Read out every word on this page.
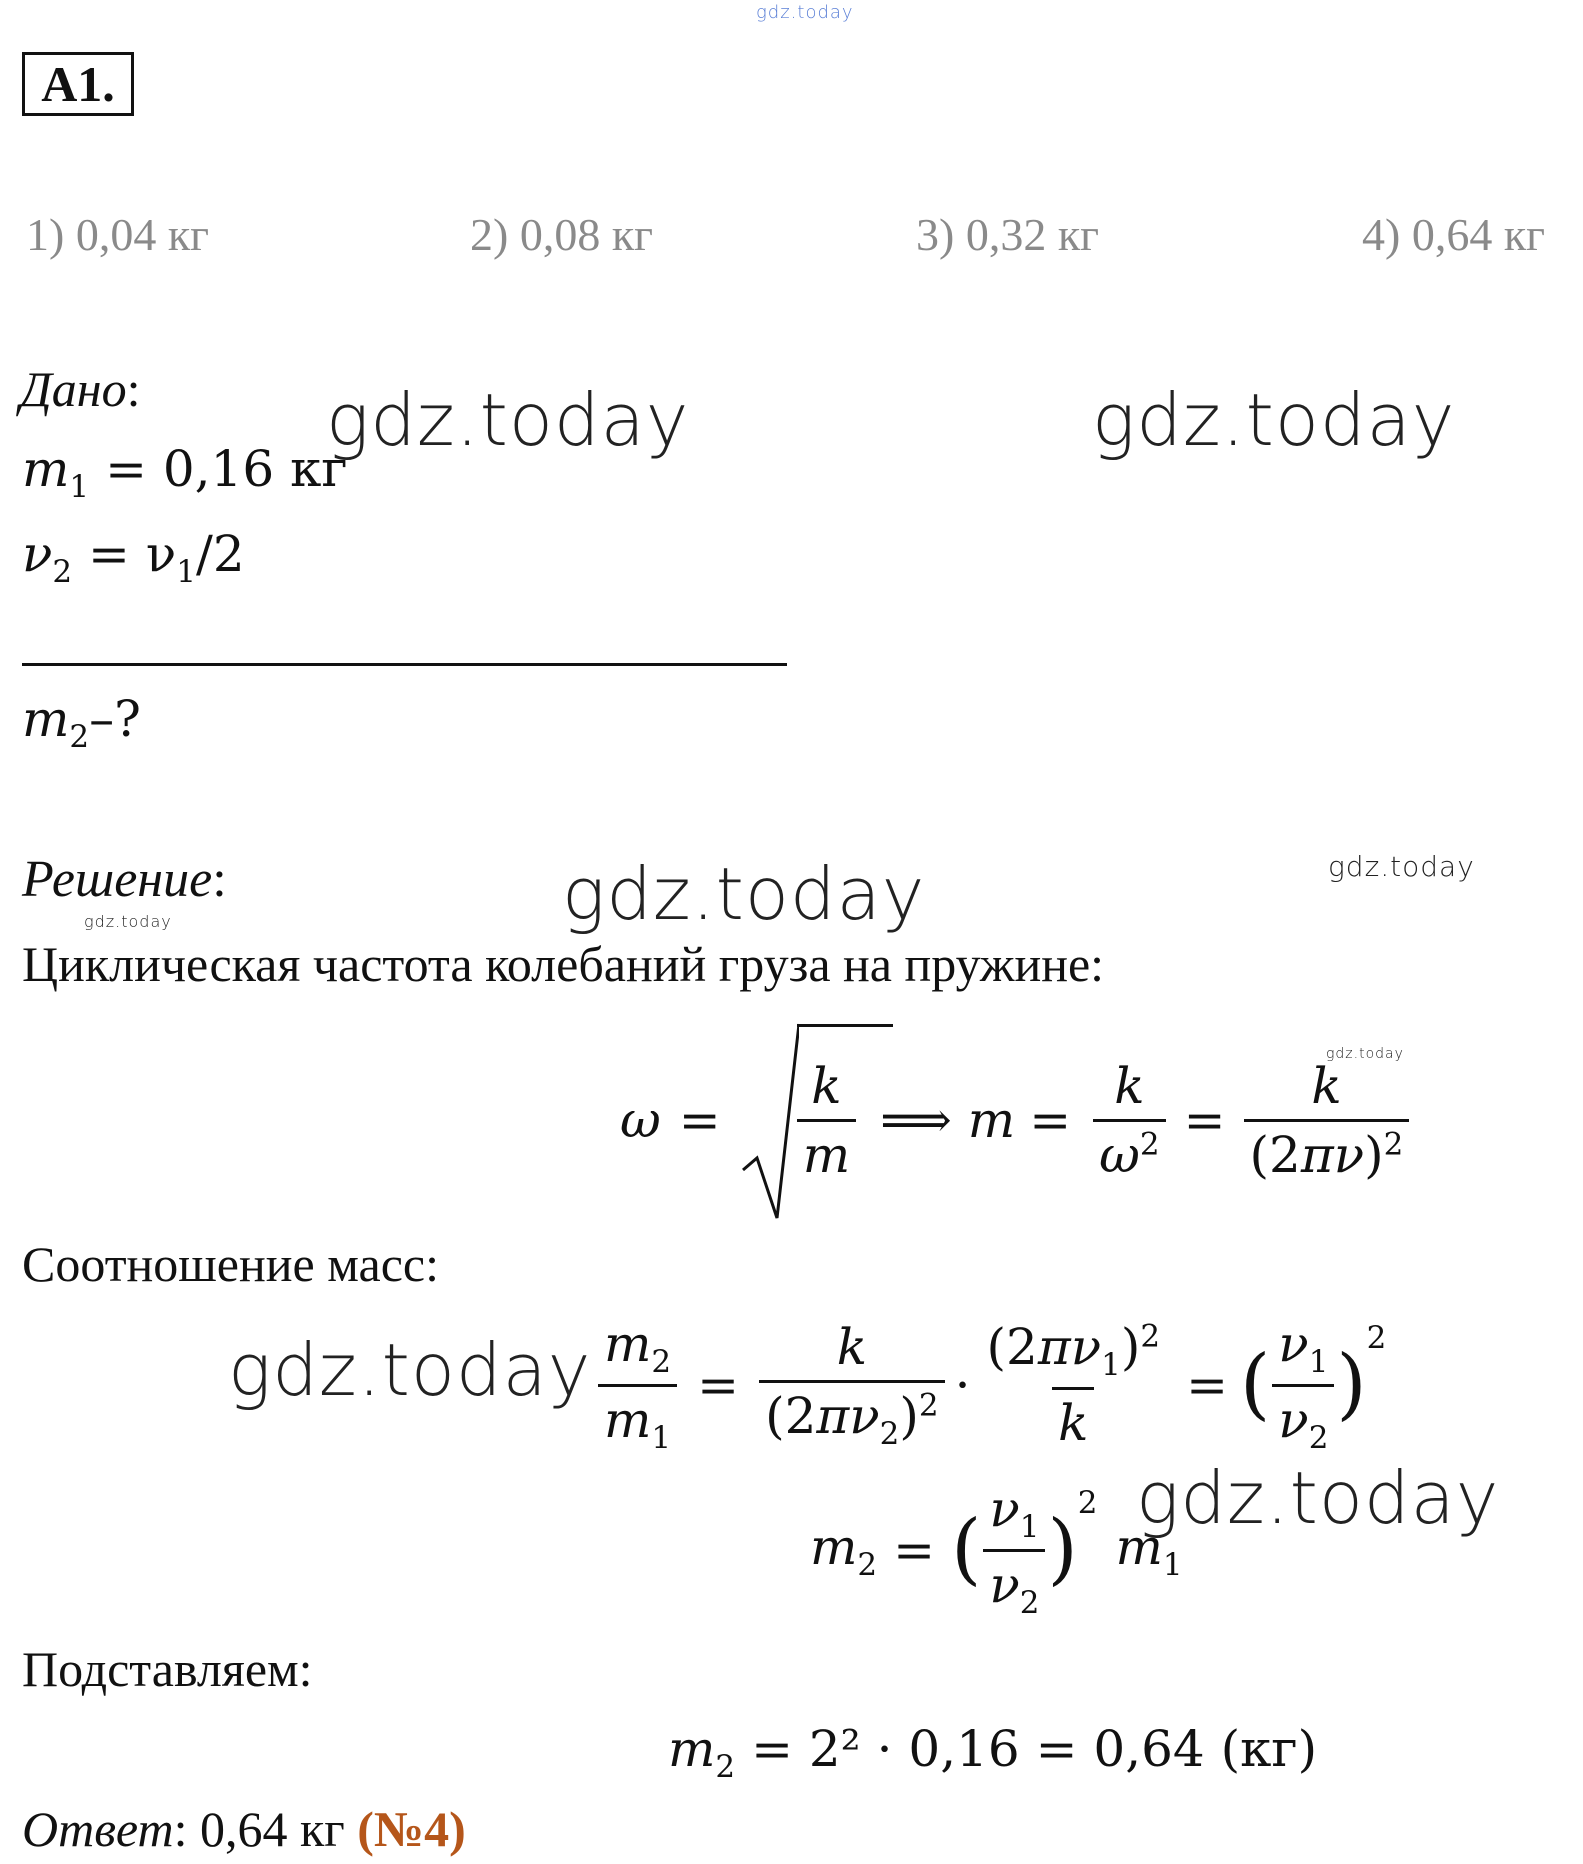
gdz.today
А1.
1) 0,04 кг	2) 0,08 кг	3) 0,32 кг	4) 0,64 кг
Дано:
$m_1 = 0,16$ кг
$\nu_2 = \nu_1/2$
$m_2-$?
Решение:
Циклическая частота колебаний груза на пружине:
$\omega = \frac{k}{m}$ ⟹ $m = \frac{k}{\omega^2} = \frac{k}{(2\pi\nu)^2}$
Соотношение масс:
$\frac{m_2}{m_1} = \frac{k}{(2\pi\nu_2)^2} \cdot \frac{(2\pi\nu_1)^2}{k}$ = ( $\frac{\nu_1}{\nu_2}$ )
$^2$
$m_2$ = ( $\frac{\nu_1}{\nu_2}$ )
$^2$
$m_1$
Подставляем:
$m_2 = 2^2 \cdot 0,16 = 0,64$ (кг)
Ответ: 0,64 кг (№4)
gdz.today	gdz.today
gdz.today	gdz.today
gdz.today
gdz.today
gdz.today
gdz.today
